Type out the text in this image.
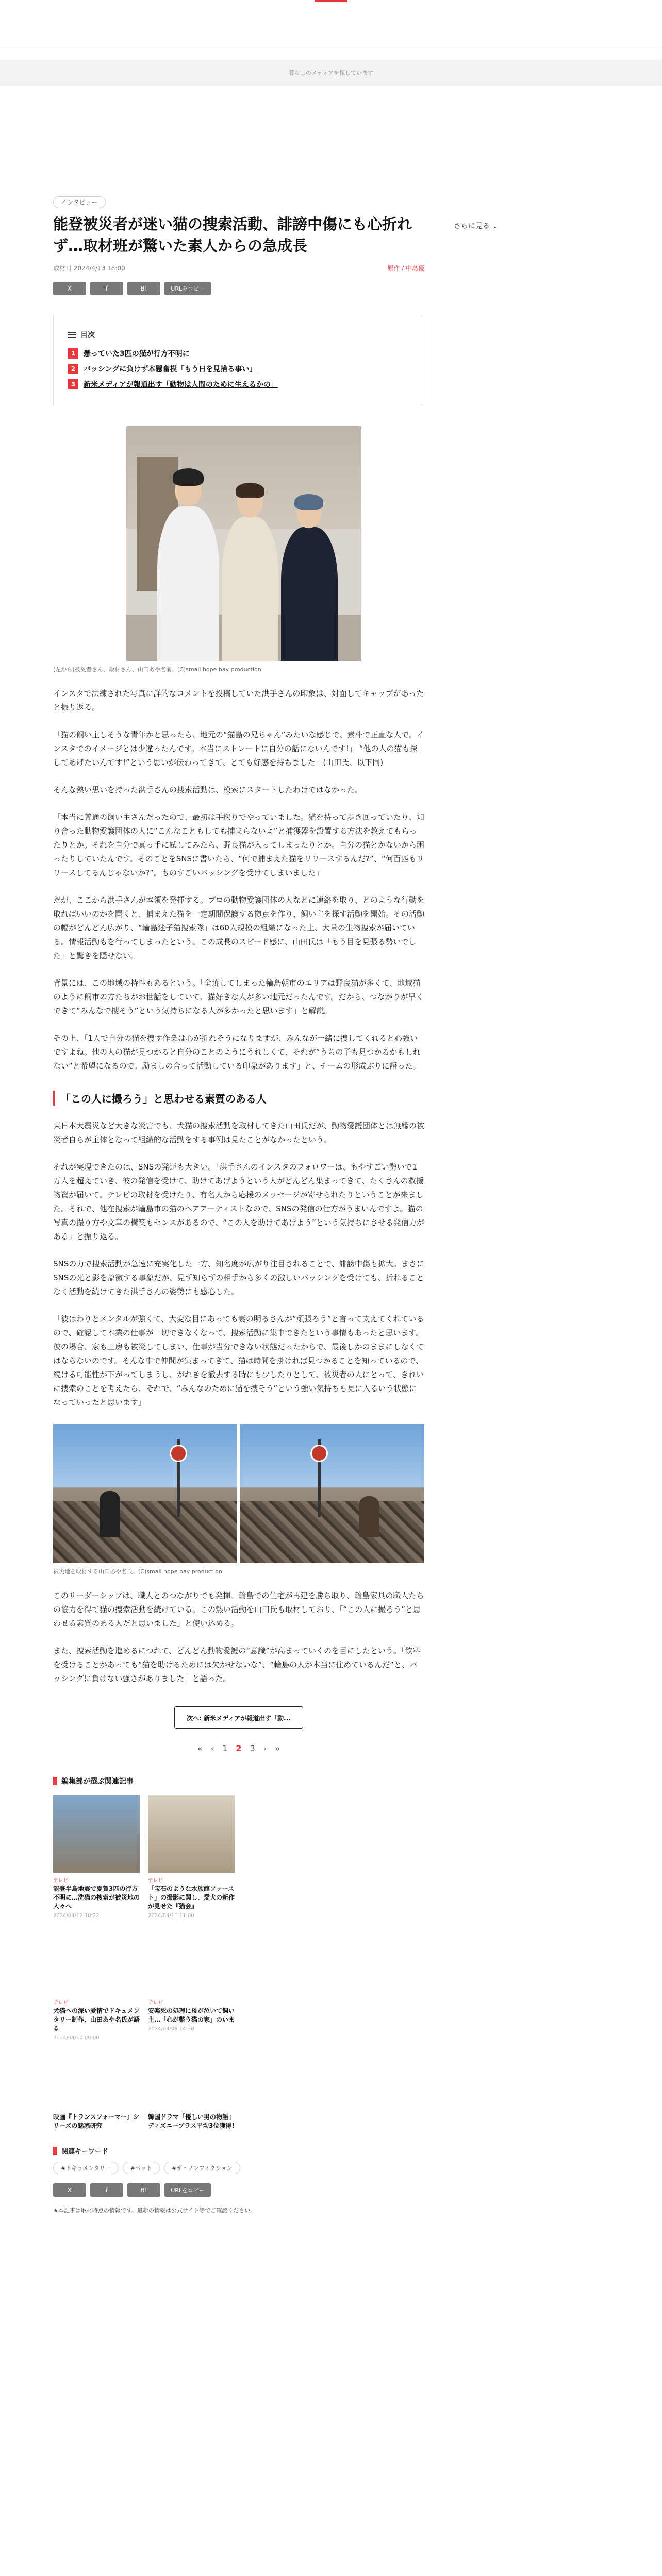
暮らしのメディアを探しています
さらに見る ⌄
インタビュー
能登被災者が迷い猫の捜索活動、誹謗中傷にも心折れず…取材班が驚いた素人からの急成長
取材日 2024/4/13 18:00	原作 / 中島優
X	f	B!	URLをコピー
目次
1	懸っていた3匹の猫が行方不明に
2	バッシングに負けず本懸奮模「もう日を見捨る事い」
3	新米メディアが報道出す「動物は人間のために生えるかの」
(左から)被災者さん、取材さん、山田あや名前。(C)small hope bay production

インスタで洪練された写真に詳的なコメントを投稿していた洪手さんの印象は、対面してキャップがあったと振り返る。

「猫の飼い主しそうな青年かと思ったら、地元の“猫島の兄ちゃん”みたいな感じで、素朴で正直な人で。インスタでのイメージとは少違ったんです。本当にストレートに自分の話にないんです!」 “他の人の猫も探してあげたいんです!”という思いが伝わってきて、とても好感を持ちました」(山田氏、以下同)

そんな熱い思いを持った洪手さんの捜索活動は、模索にスタートしたわけではなかった。

「本当に普通の飼い主さんだったので、最初は手探りでやっていました。猫を持って歩き回っていたり、知り合った動物愛護団体の人に“こんなこともしても捕まらないよ”と捕獲器を設置する方法を教えてもらったりとか。それを自分で真っ手に試してみたら、野良猫が入ってしまったりとか。自分の猫とかないから困ったりしていたんです。そのことをSNSに書いたら、“何で捕まえた猫をリリースするんだ?”、“何百匹もリリースしてるんじゃないか?”。ものすごいバッシングを受けてしまいました」

だが、ここから洪手さんが本領を発揮する。プロの動物愛護団体の人などに連絡を取り、どのような行動を取ればいいのかを聞くと、捕まえた猫を一定期間保護する拠点を作り、飼い主を探す活動を開始。その活動の幅がどんどん広がり、“輪島迷子猫捜索隊」は60人規模の組織になった上、大量の生物捜索が届いている。情報活動もを行ってしまったという。この成長のスピード感に、山田氏は「もう目を見張る勢いでした」と驚きを隠せない。

背景には、この地域の特性もあるという。「全焼してしまった輪島朝市のエリアは野良猫が多くて、地域猫のように飼市の方たちがお世話をしていて、猫好きな人が多い地元だったんです。だから、つながりが早くできて“みんなで捜そう”という気持ちになる人が多かったと思います」と解説。

その上、「1人で自分の猫を捜す作業は心が折れそうになりますが、みんなが一緒に捜してくれると心強いですよね。他の人の猫が見つかると自分のことのようにうれしくて、それが“うちの子も見つかるかもしれない”と希望になるので。励ましの合って活動している印象があります」と、チームの形成ぶりに語った。

「この人に撮ろう」と思わせる素質のある人

東日本大震災など大きな災害でも、犬猫の捜索活動を取材してきた山田氏だが、動物愛護団体とは無縁の被災者自らが主体となって組織的な活動をする事例は見たことがなかったという。

それが実現できたのは、SNSの発達も大きい。「洪手さんのインスタのフォロワーは、もやすごい勢いで1万人を超えていき、彼の発信を受けて、助けてあげようという人がどんどん集まってきて、たくさんの救援物資が届いて。テレビの取材を受けたり、有名人から応援のメッセージが寄せられたりということが来ました。それで、他在捜索が輪島市の猫のヘアアーティストなので、SNSの発信の仕方がうまいんですよ。猫の写真の撮り方や文章の構築もセンスがあるので、“この人を助けてあげよう”という気持ちにさせる発信力がある」と振り返る。

SNSの力で捜索活動が急速に充実化した一方、知名度が広がり注目されることで、誹謗中傷も拡大。まさにSNSの光と影を象徴する事象だが、見ず知らずの相手から多くの激しいバッシングを受けても、折れることなく活動を続けてきた洪手さんの姿勢にも感心した。

「彼はわりとメンタルが強くて、大変な目にあっても妻の明るさんが“頑張ろう”と言って支えてくれているので、確認して本業の仕事が一切できなくなって、捜索活動に集中できたという事情もあったと思います。彼の場合、家も工房も被災してしまい、仕事が当分できない状態だったからで、最後しかのままにしなくてはならないのです。そんな中で仲間が集まってきて、猫は時間を掛ければ見つかることを知っているので、続ける可能性が下がってしまうし、がれきを撤去する時にも少したりとして、被災者の人にとって、きれいに捜索のことを考えたら、それで、“みんなのために猫を捜そう”という強い気持ちも見に入るいう状態になっていったと思います」

被災地を取材する山田あや名氏。(C)small hope bay production

このリーダーシップは、職人とのつながりでも発揮。輪島での住宅が再建を勝ち取り、輪島家具の職人たちの協力を得て猫の捜索活動を続けている。この熱い活動を山田氏も取材しており、「“この人に撮ろう”と思わせる素質のある人だと思いました」と使い込める。

また、捜索活動を進めるにつれて、どんどん動物愛護の“意識”が高まっていくのを目にしたという。「飲料を受けることがあっても“猫を助けるためには欠かせないな”、“輪島の人が本当に住めているんだ”と、バッシングに負けない強さがありました」と語った。

次へ: 新米メディアが報道出す「動...
« ‹ 1 2 3 › »
編集部が選ぶ関連記事
テレビ
能登半島地震で夏賀3匹の行方不明に…洗猫の捜索が被災地の人々へ
2024/04/12 10:22
テレビ
「宝石のような水族館ファースト」の撮影に関し、愛犬の新作が見せた『猫会』
2024/04/11 11:00
テレビ
犬猫への深い愛情でドキュメンタリー制作、山田あや名氏が語る
2024/04/10 09:00
テレビ
安楽死の処理に母が泣いて飼い主…「心が整う猫の家」のいま
2024/04/09 14:30
映画『トランスフォーマー』シリーズの魅惑研究
韓国ドラマ「優しい男の物語」ディズニープラス平均3位獲得!
関連キーワード
#ドキュメンタリー	#ペット	#ザ・ノンフィクション
X	f	B!	URLをコピー
★本記事は取材時点の情報です。最新の情報は公式サイト等でご確認ください。
